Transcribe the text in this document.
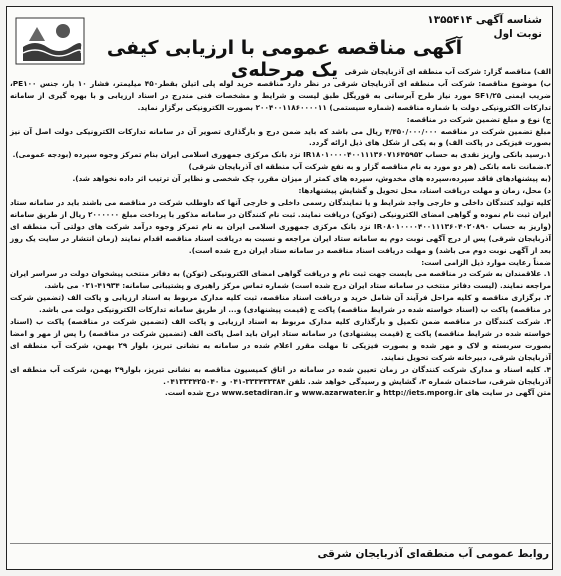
شناسه آگهی ۱۳۵۵۴۱۴
نوبت اول
آگهی مناقصه عمومی با ارزیابی کیفی یک مرحله‌ی الف) مناقصه گزار: شرکت آب منطقه ای آذربایجان شرقی

ب) موضوع مناقصه: شرکت آب منطقه ای آذربایجان شرقی در نظر دارد مناقصه خرید لوله پلی اتیلن بقطر۴۵۰ میلیمتر، فشار ۱۰ بار، جنس PE۱۰۰، ضریب ایمنی SF۱/۲۵ مورد نیاز طرح آبرسانی به قوریگل طبق لیست و شرایط و مشخصات فنی مندرج در اسناد ارزیابی و با بهره گیری از سامانه تدارکات الکترونیکی دولت با شماره مناقصه (شماره سیستمی) ۲۰۰۴۰۰۱۱۸۶۰۰۰۰۱۱ بصورت الکترونیکی برگزار نماید.

ج) نوع و مبلغ تضمین شرکت در مناقصه:

مبلغ تضمین شرکت در مناقصه ۴/۴۵۰/۰۰۰/۰۰۰ ریال می باشد که باید ضمن درج و بارگذاری تصویر آن در سامانه تدارکات الکترونیکی دولت اصل آن نیز بصورت فیزیکی در پاکت الف) و به یکی از شکل های ذیل ارائه گردد.

۱.رسید بانکی واریز نقدی به حساب IR۱۸۰۱۰۰۰۰۴۰۰۱۱۱۳۶۰۷۱۶۴۵۹۵۲ نزد بانک مرکزی جمهوری اسلامی ایران بنام تمرکز وجوه سپرده (بودجه عمومی).

۲.ضمانت نامه بانکی (هر دو مورد به نام مناقصه گزار و به نفع شرکت آب منطقه ای آذربایجان شرقی)

(به پیشنهادهای فاقد سپرده،سپرده های مخدوش، سپرده های کمتر از میزان مقرر، چک شخصی و نظایر آن ترتیب اثر داده نخواهد شد).

د) محل، زمان و مهلت دریافت اسناد، محل تحویل و گشایش پیشنهادها:

کلیه تولید کنندگان داخلی و خارجی واجد شرایط و یا نمایندگان رسمی داخلی و خارجی آنها که داوطلب شرکت در مناقصه می باشند باید در سامانه ستاد ایران ثبت نام نموده و گواهی امضای الکترونیکی (توکن) دریافت نمایند. ثبت نام کنندگان در سامانه مذکور با پرداخت مبلغ ۲۰۰۰۰۰۰ ریال از طریق سامانه (واریز به حساب IR۰۸۰۱۰۰۰۰۴۰۰۱۱۱۳۶۰۴۰۲۰۸۹۰ نزد بانک مرکزی جمهوری اسلامی ایران به نام تمرکز وجوه درآمد شرکت های دولتی آب منطقه ای آذربایجان شرقی) پس از درج آگهی نوبت دوم به سامانه ستاد ایران مراجعه و نسبت به دریافت اسناد مناقصه اقدام نمایند (زمان انتشار در سایت یک روز بعد از آگهی نوبت دوم می باشد) و مهلت دریافت اسناد مناقصه در سامانه ستاد ایران درج شده است).

ضمناً رعایت موارد ذیل الزامی است:

۱. علاقمندان به شرکت در مناقصه می بایست جهت ثبت نام و دریافت گواهی امضای الکترونیکی (توکن) به دفاتر منتخب پیشخوان دولت در سراسر ایران مراجعه نمایند. (لیست دفاتر منتخب در سامانه ستاد ایران درج شده است) شماره تماس مرکز راهبری و پشتیبانی سامانه: ۴۱۹۳۴-۰۲۱ می باشد.

۲. برگزاری مناقصه و کلیه مراحل فرآیند آن شامل خرید و دریافت اسناد مناقصه، ثبت کلیه مدارک مربوط به اسناد ارزیابی و پاکت الف (تضمین شرکت در مناقصه) پاکت ب (اسناد خواسته شده در شرایط مناقصه) پاکت ج (قیمت پیشنهادی) و... از طریق سامانه تدارکات الکترونیکی دولت می باشد.

۳. شرکت کنندگان در مناقصه ضمن تکمیل و بارگذاری کلیه مدارک مربوط به اسناد ارزیابی و پاکت الف (تضمین شرکت در مناقصه) پاکت ب (اسناد خواسته شده در شرایط مناقصه) پاکت ج (قیمت پیشنهادی) در سامانه ستاد ایران باید اصل پاکت الف (تضمین شرکت در مناقصه) را پس از مهر و امضا بصورت سربسته و لاک و مهر شده و بصورت فیزیکی تا مهلت مقرر اعلام شده در سامانه به نشانی تبریز، بلوار ۲۹ بهمن، شرکت آب منطقه ای آذربایجان شرقی، دبیرخانه شرکت تحویل نمایند.

۴. کلیه اسناد و مدارک شرکت کنندگان در زمان تعیین شده در سامانه در اتاق کمیسیون مناقصه به نشانی تبریز، بلوار۲۹ بهمن، شرکت آب منطقه ای آذربایجان شرقی، ساختمان شماره ۳، گشایش و رسیدگی خواهد شد. تلفن ۳۳۳۴۳۳۳۸۴-۰۴۱ و ۰۴۱۳۳۳۴۲۵۰۴۰.

متن آگهی در سایت های http://iets.mporg.ir و www.azarwater.ir و www.setadiran.ir درج شده است.

روابط عمومی آب منطقه‌ای آذربایجان شرقی
